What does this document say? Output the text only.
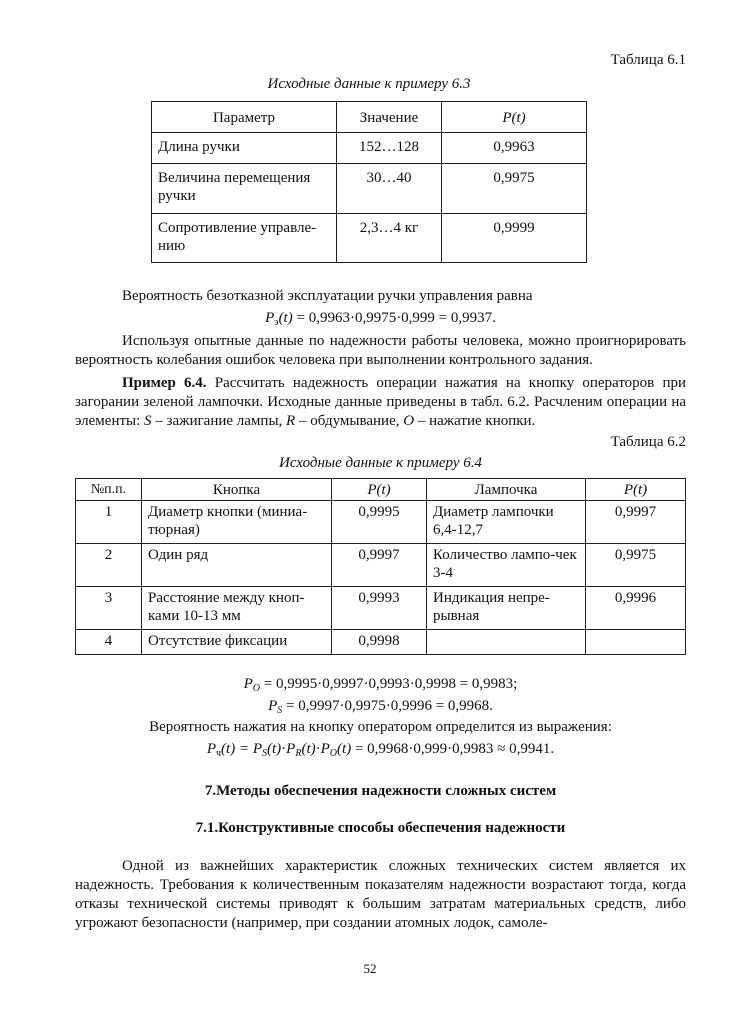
Таблица 6.1
Исходные данные к примеру 6.3
Параметр	Значение	P(t)
Длина ручки	152…128	0,9963
Величина перемещения ручки	30…40	0,9975
Сопротивление управле-нию	2,3…4 кг	0,9999

Вероятность безотказной эксплуатации ручки управления равна

$P_э(t) = 0,9963\cdot 0,9975\cdot 0,999 = 0,9937$.

Используя опытные данные по надежности работы человека, можно проигнорировать вероятность колебания ошибок человека при выполнении контрольного задания.

Пример 6.4. Рассчитать надежность операции нажатия на кнопку операторов при загорании зеленой лампочки. Исходные данные приведены в табл. 6.2. Расчленим операции на элементы: S – зажигание лампы, R – обдумывание, O – нажатие кнопки.

Таблица 6.2
Исходные данные к примеру 6.4
№п.п.	Кнопка	P(t)	Лампочка	P(t)
1	Диаметр кнопки (миниа-тюрная)	0,9995	Диаметр лампочки 6,4-12,7	0,9997
2	Один ряд	0,9997	Количество лампо-чек 3-4	0,9975
3	Расстояние между кноп-ками 10-13 мм	0,9993	Индикация непре-рывная	0,9996
4	Отсутствие фиксации	0,9998		
$P_O = 0,9995\cdot 0,9997\cdot 0,9993\cdot 0,9998 = 0,9983$;
$P_S = 0,9997\cdot 0,9975\cdot 0,9996 = 0,9968$.
Вероятность нажатия на кнопку оператором определится из выражения:
$P_ч(t) = P_S(t)\cdot P_R(t)\cdot P_O(t) = 0,9968\cdot 0,999\cdot 0,9983 \approx 0,9941$.
7.Методы обеспечения надежности сложных систем
7.1.Конструктивные способы обеспечения надежности

Одной из важнейших характеристик сложных технических систем является их надежность. Требования к количественным показателям надежности возрастают тогда, когда отказы технической системы приводят к большим затратам материальных средств, либо угрожают безопасности (например, при создании атомных лодок, самоле-

52
